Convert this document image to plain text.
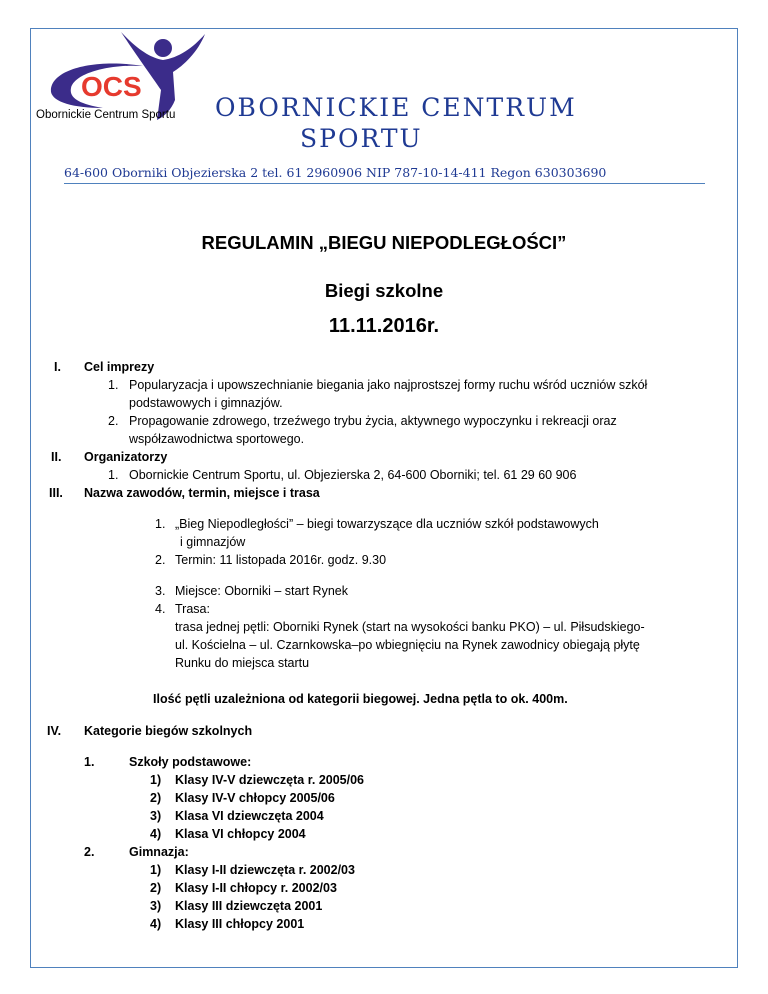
OCS
Obornickie Centrum Sportu OBORNICKIE CENTRUM
SPORTU
64-600 Oborniki Objezierska 2 tel. 61 2960906 NIP 787-10-14-411 Regon 630303690
REGULAMIN „BIEGU NIEPODLEGŁOŚCI”
Biegi szkolne
11.11.2016r.
I. Cel imprezy
1. Popularyzacja i upowszechnianie biegania jako najprostszej formy ruchu wśród uczniów szkół
podstawowych i gimnazjów.
2. Propagowanie zdrowego, trzeźwego trybu życia, aktywnego wypoczynku i rekreacji oraz
współzawodnictwa sportowego.
II. Organizatorzy
1. Obornickie Centrum Sportu, ul. Objezierska 2, 64-600 Oborniki; tel. 61 29 60 906
III. Nazwa zawodów, termin, miejsce i trasa
1. „Bieg Niepodległości” – biegi towarzyszące dla uczniów szkół podstawowych
i gimnazjów
2. Termin: 11 listopada 2016r. godz. 9.30
3. Miejsce: Oborniki – start Rynek
4. Trasa:
trasa jednej pętli: Oborniki Rynek (start na wysokości banku PKO) – ul. Piłsudskiego-
ul. Kościelna – ul. Czarnkowska–po wbiegnięciu na Rynek zawodnicy obiegają płytę
Runku do miejsca startu
Ilość pętli uzależniona od kategorii biegowej. Jedna pętla to ok. 400m.
IV. Kategorie biegów szkolnych
1.	Szkoły podstawowe:
1) Klasy IV-V dziewczęta r. 2005/06
2) Klasy IV-V chłopcy 2005/06
3) Klasa VI dziewczęta 2004
4) Klasa VI chłopcy 2004
2.	Gimnazja:
1) Klasy I-II dziewczęta r. 2002/03
2) Klasy I-II chłopcy r. 2002/03
3) Klasy III dziewczęta 2001
4) Klasy III chłopcy 2001
